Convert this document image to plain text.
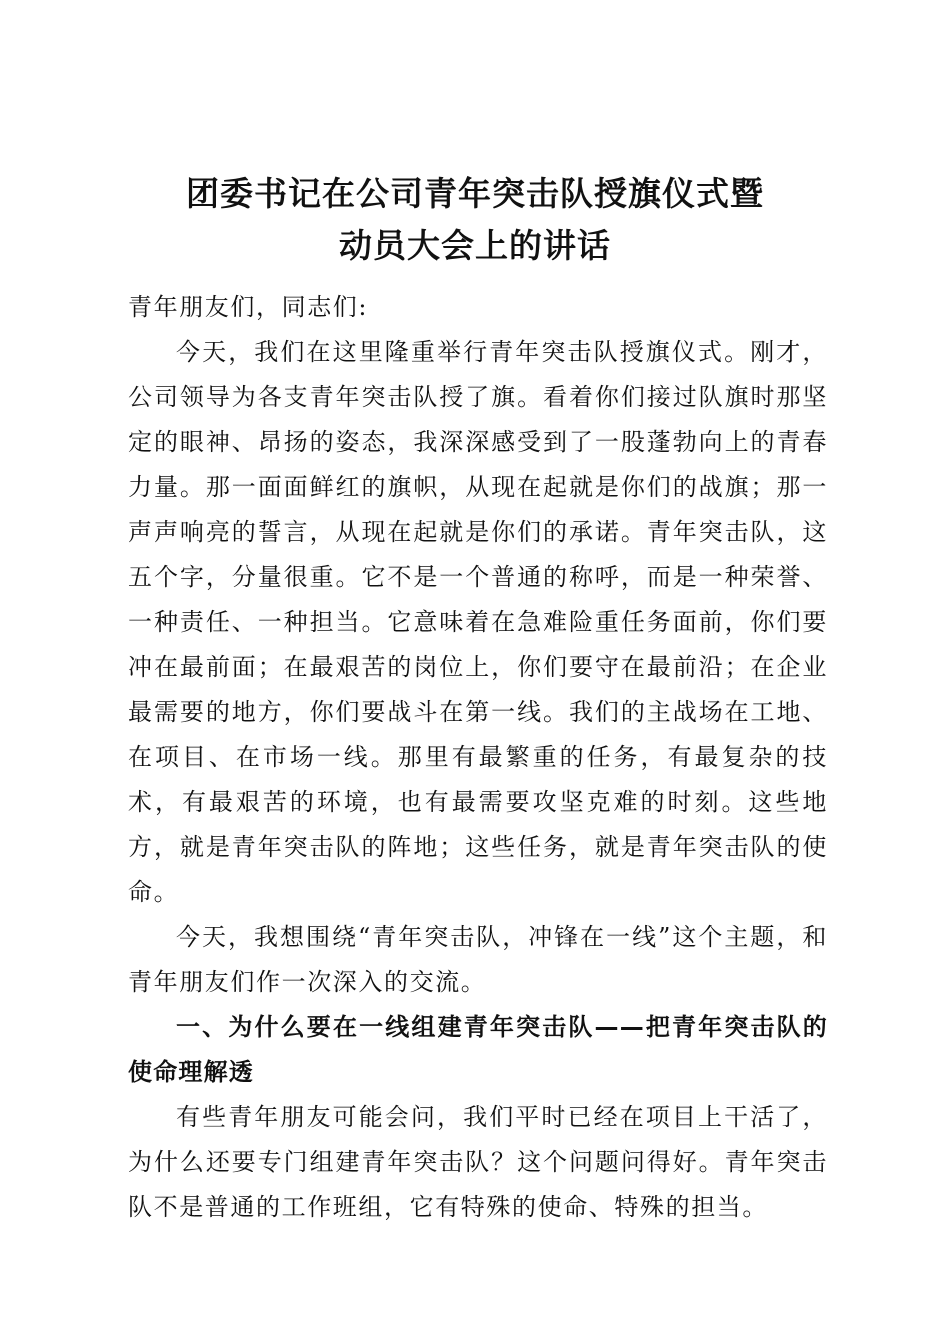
团委书记在公司青年突击队授旗仪式暨
动员大会上的讲话

青年朋友们，同志们:

今天，我们在这里隆重举行青年突击队授旗仪式。刚才，公司领导为各支青年突击队授了旗。看着你们接过队旗时那坚定的眼神、昂扬的姿态，我深深感受到了一股蓬勃向上的青春力量。那一面面鲜红的旗帜，从现在起就是你们的战旗；那一声声响亮的誓言，从现在起就是你们的承诺。青年突击队，这五个字，分量很重。它不是一个普通的称呼，而是一种荣誉、一种责任、一种担当。它意味着在急难险重任务面前，你们要冲在最前面；在最艰苦的岗位上，你们要守在最前沿；在企业最需要的地方，你们要战斗在第一线。我们的主战场在工地、在项目、在市场一线。那里有最繁重的任务，有最复杂的技术，有最艰苦的环境，也有最需要攻坚克难的时刻。这些地方，就是青年突击队的阵地；这些任务，就是青年突击队的使命。

今天，我想围绕“青年突击队，冲锋在一线”这个主题，和青年朋友们作一次深入的交流。

一、为什么要在一线组建青年突击队——把青年突击队的使命理解透

有些青年朋友可能会问，我们平时已经在项目上干活了，为什么还要专门组建青年突击队？这个问题问得好。青年突击队不是普通的工作班组，它有特殊的使命、特殊的担当。
